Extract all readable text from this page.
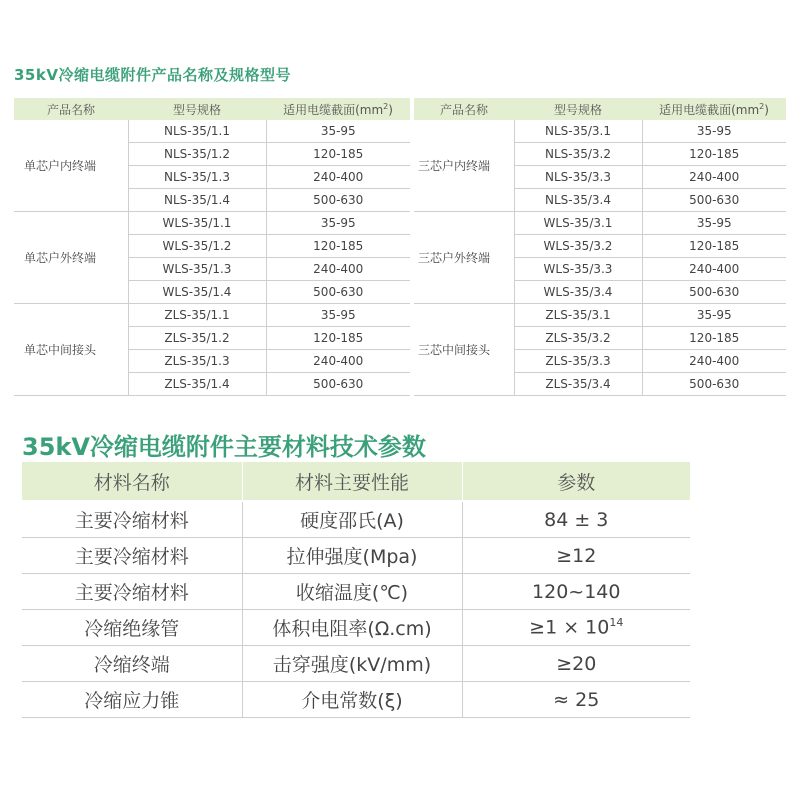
35kV冷缩电缆附件产品名称及规格型号
产品名称	型号规格	适用电缆截面$(mm^2)$
单芯户内终端	NLS-35/1.1	35-95
	NLS-35/1.2	120-185
	NLS-35/1.3	240-400
	NLS-35/1.4	500-630
单芯户外终端	WLS-35/1.1	35-95
	WLS-35/1.2	120-185
	WLS-35/1.3	240-400
	WLS-35/1.4	500-630
单芯中间接头	ZLS-35/1.1	35-95
	ZLS-35/1.2	120-185
	ZLS-35/1.3	240-400
	ZLS-35/1.4	500-630
产品名称	型号规格	适用电缆截面$(mm^2)$
三芯户内终端	NLS-35/3.1	35-95
	NLS-35/3.2	120-185
	NLS-35/3.3	240-400
	NLS-35/3.4	500-630
三芯户外终端	WLS-35/3.1	35-95
	WLS-35/3.2	120-185
	WLS-35/3.3	240-400
	WLS-35/3.4	500-630
三芯中间接头	ZLS-35/3.1	35-95
	ZLS-35/3.2	120-185
	ZLS-35/3.3	240-400
	ZLS-35/3.4	500-630
35kV冷缩电缆附件主要材料技术参数
材料名称	材料主要性能	参数
主要冷缩材料	硬度邵氏(A)	84 ± 3
主要冷缩材料	拉伸强度(Mpa)	≥12
主要冷缩材料	收缩温度(℃)	120~140
冷缩绝缘管	体积电阻率(Ω.cm)	$\ge 1 \times 10^{14}$
冷缩终端	击穿强度(kV/mm)	≥20
冷缩应力锥	介电常数(ξ)	≈ 25
